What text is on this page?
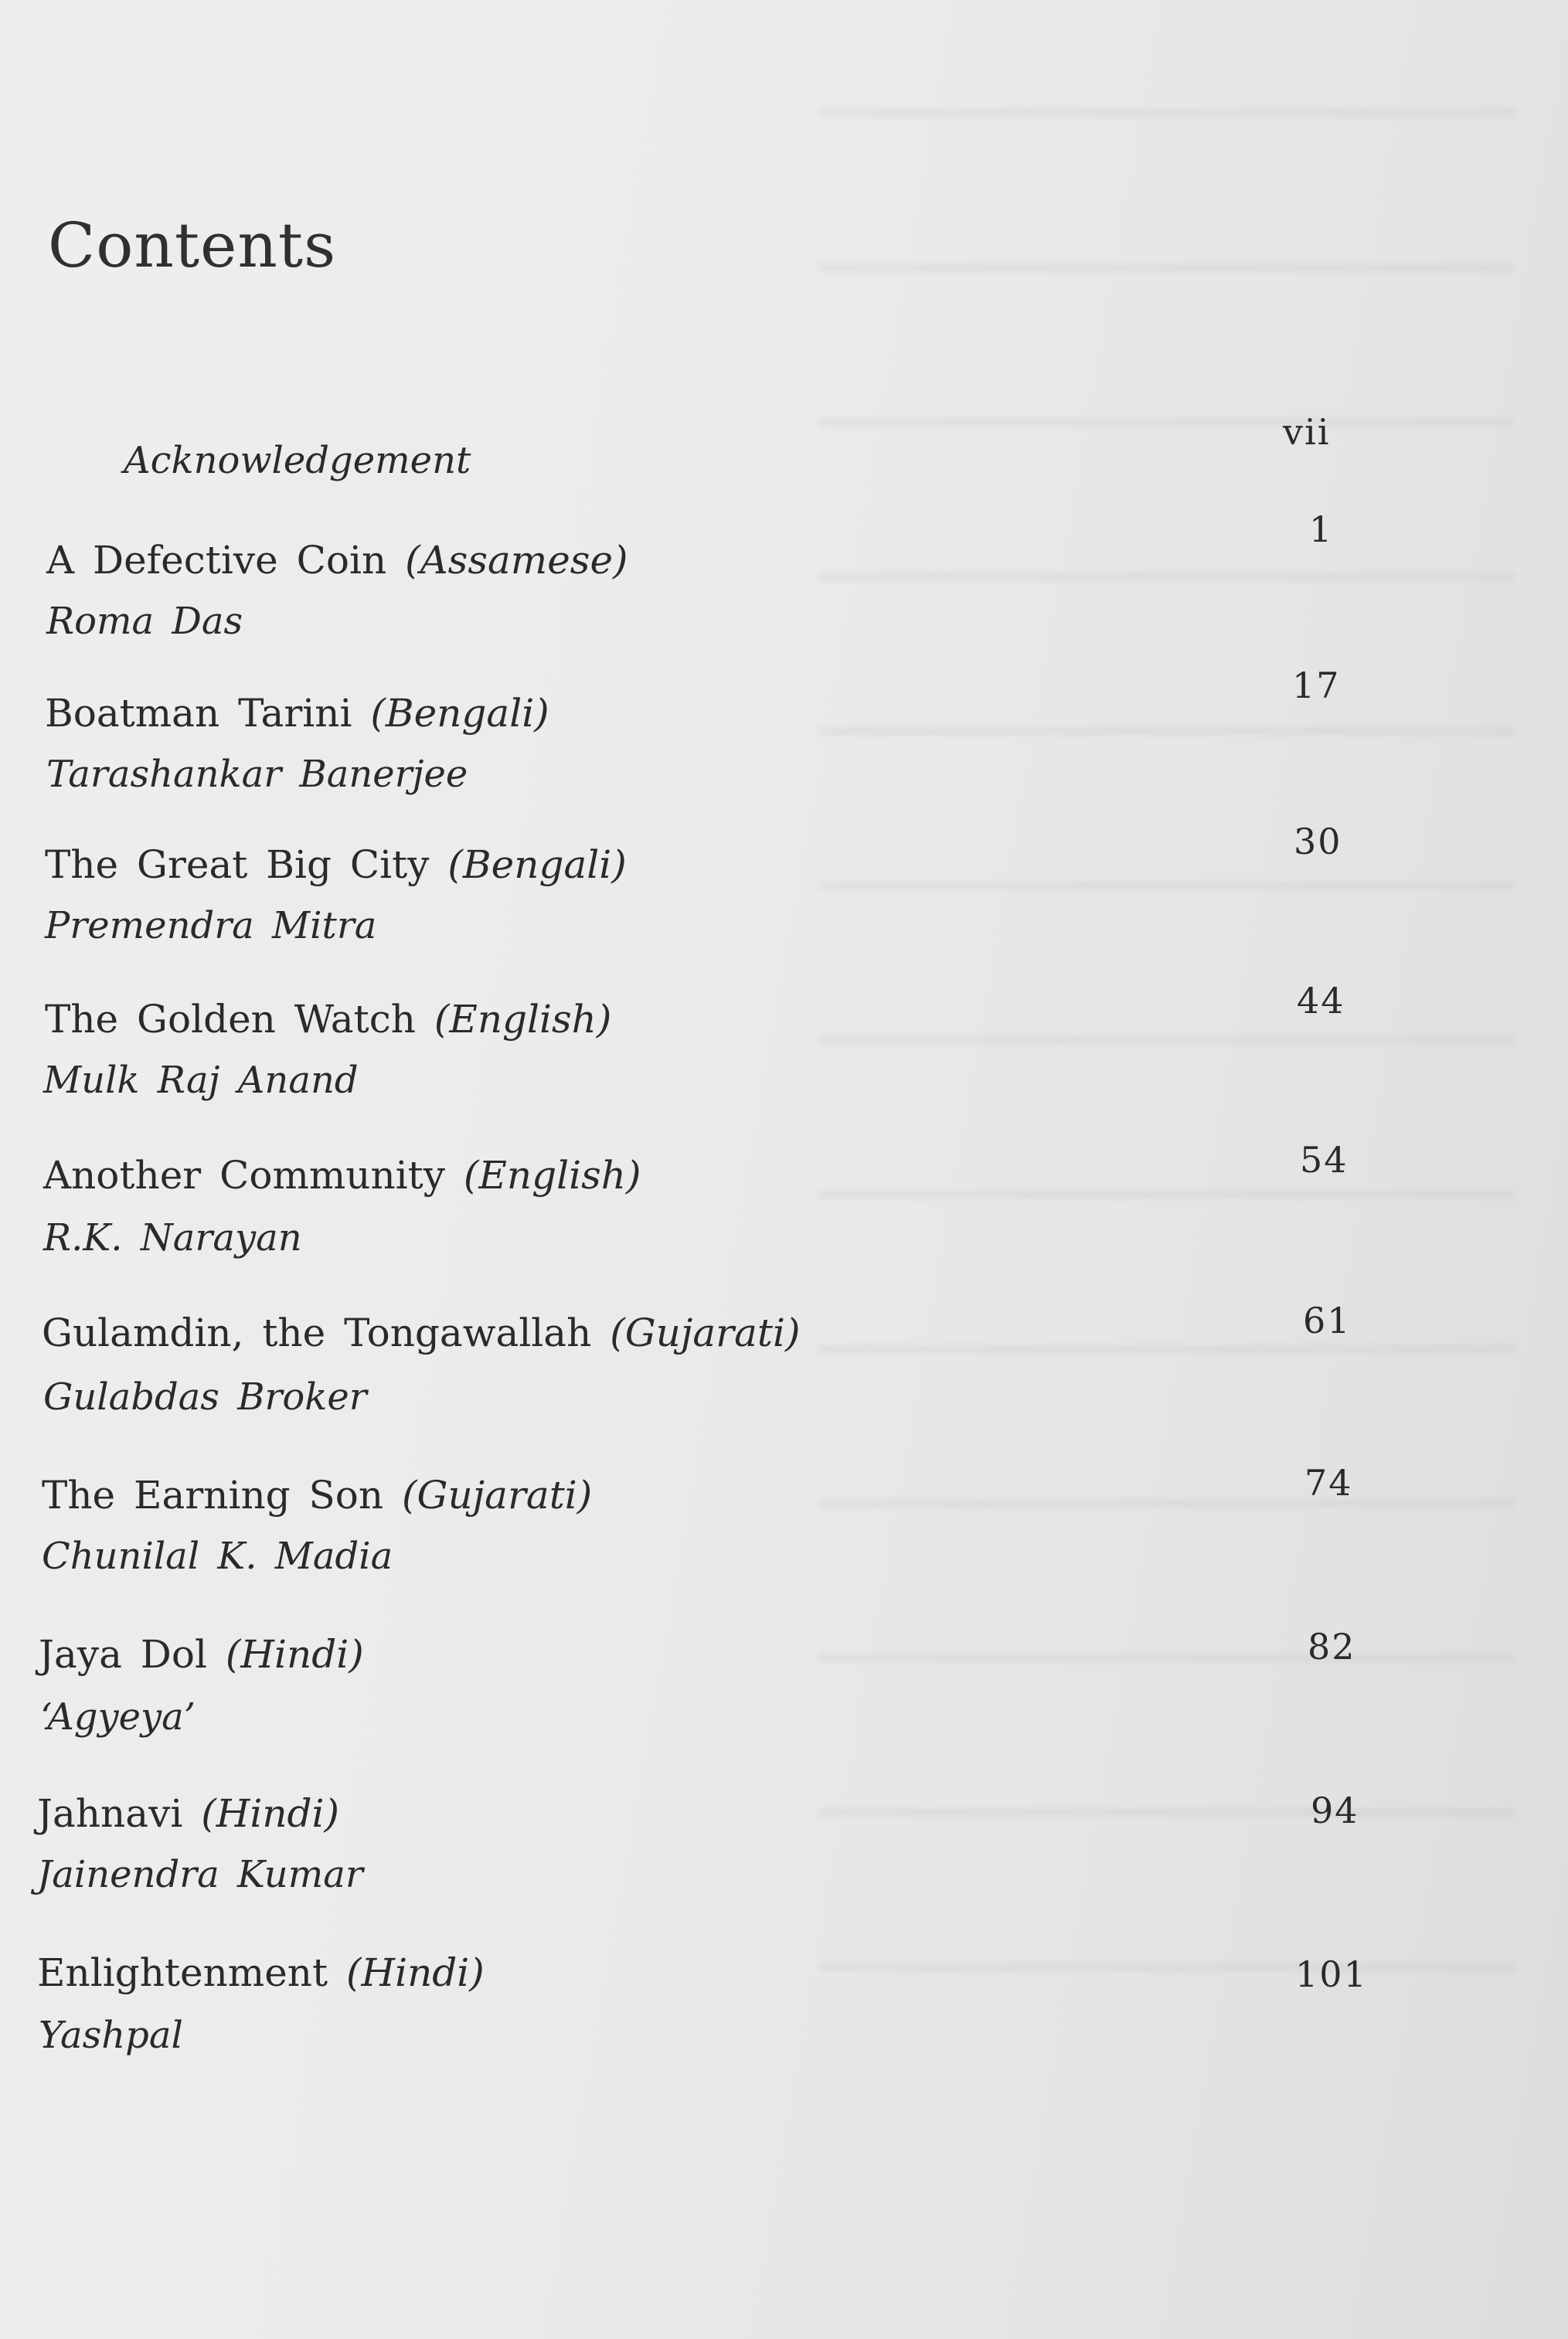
Contents
Acknowledgement
vii
A Defective Coin (Assamese)
Roma Das
1
Boatman Tarini (Bengali)
Tarashankar Banerjee
17
The Great Big City (Bengali)
Premendra Mitra
30
The Golden Watch (English)
Mulk Raj Anand
44
Another Community (English)
R.K. Narayan
54
Gulamdin, the Tongawallah (Gujarati)
Gulabdas Broker
61
The Earning Son (Gujarati)
Chunilal K. Madia
74
Jaya Dol (Hindi)
‘Agyeya’
82
Jahnavi (Hindi)
Jainendra Kumar
94
Enlightenment (Hindi)
Yashpal
101
